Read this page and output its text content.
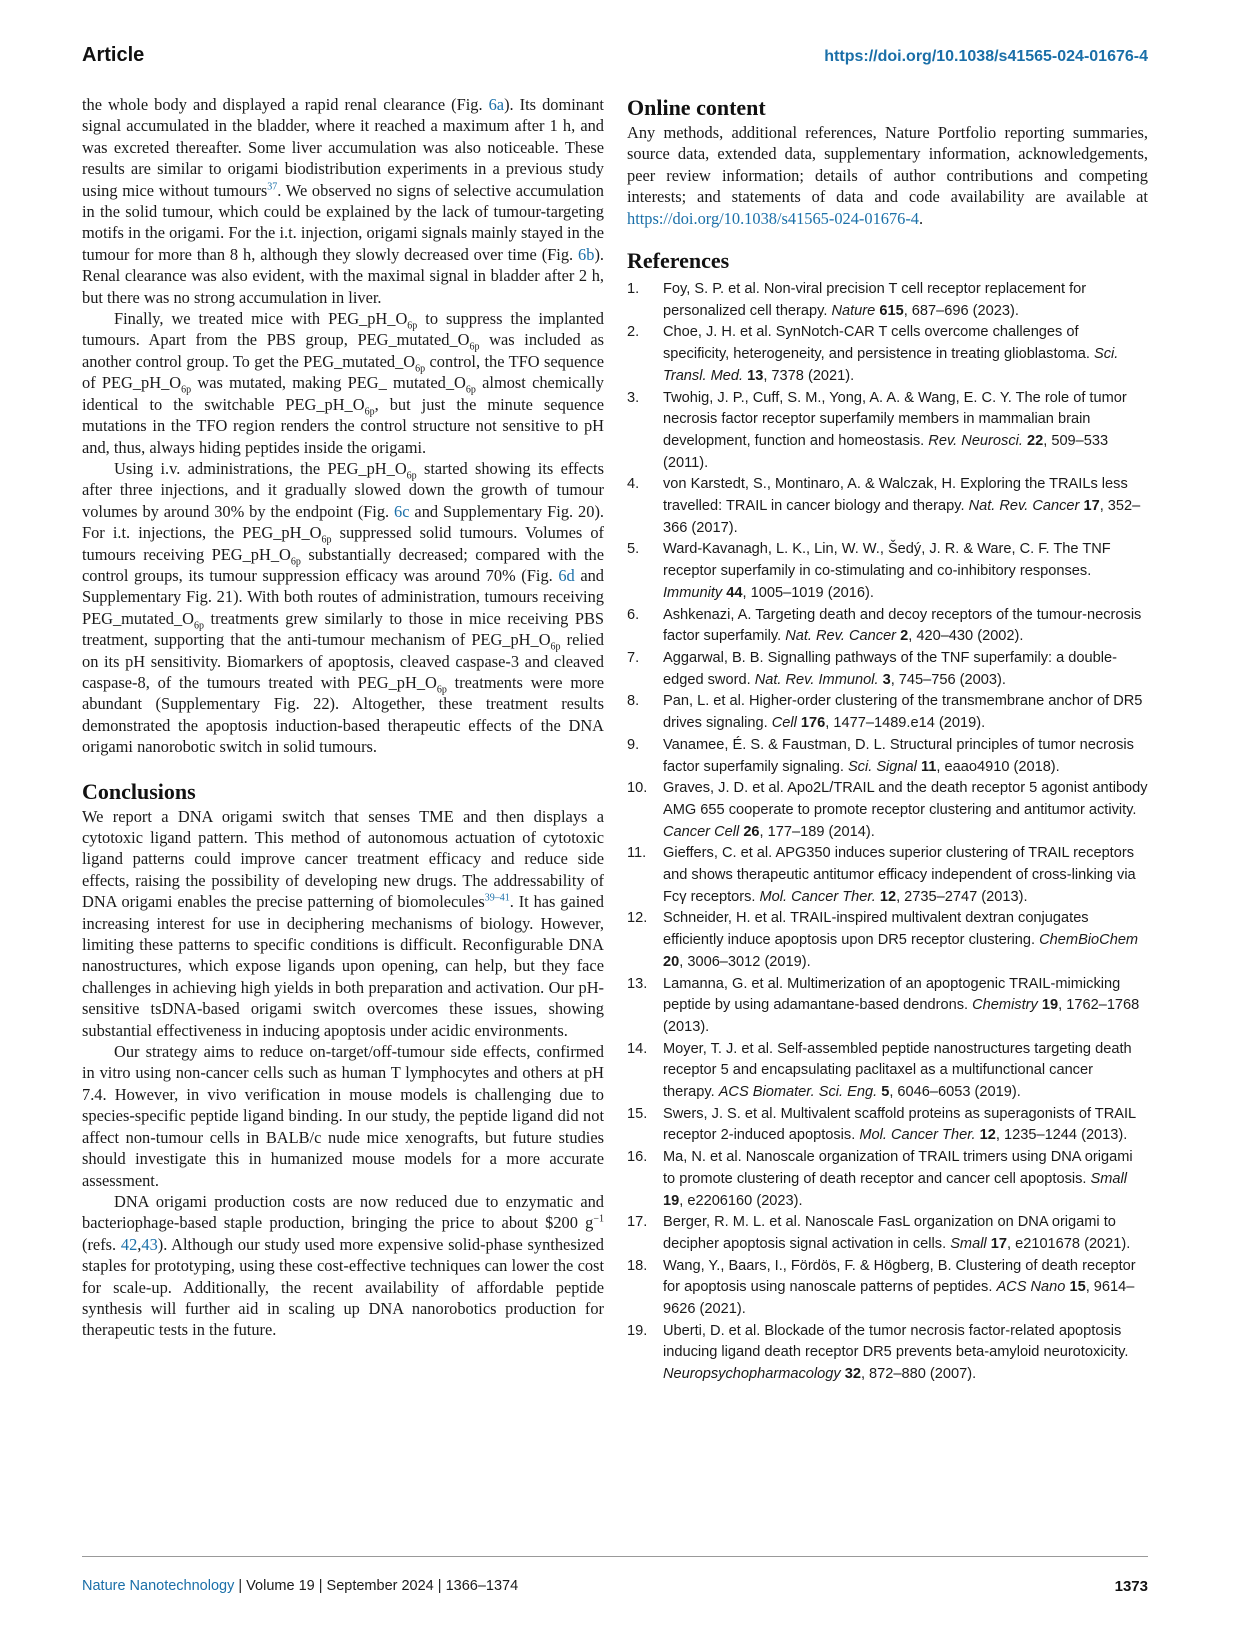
Article	https://doi.org/10.1038/s41565-024-01676-4

the whole body and displayed a rapid renal clearance (Fig. 6a). Its dominant signal accumulated in the bladder, where it reached a maximum after 1 h, and was excreted thereafter. Some liver accumulation was also noticeable. These results are similar to origami biodistribution experiments in a previous study using mice without tumours$^{37}$. We observed no signs of selective accumulation in the solid tumour, which could be explained by the lack of tumour-targeting motifs in the origami. For the i.t. injection, origami signals mainly stayed in the tumour for more than 8 h, although they slowly decreased over time (Fig. 6b). Renal clearance was also evident, with the maximal signal in bladder after 2 h, but there was no strong accumulation in liver.

Finally, we treated mice with $PEG\_pH\_O_{6p}$ to suppress the implanted tumours. Apart from the PBS group, $PEG\_mutated\_O_{6p}$ was included as another control group. To get the $PEG\_mutated\_O_{6p}$ control, the TFO sequence of $PEG\_pH\_O_{6p}$ was mutated, making PEG_ $mutated\_O_{6p}$ almost chemically identical to the switchable $PEG\_pH\_O_{6p}$, but just the minute sequence mutations in the TFO region renders the control structure not sensitive to pH and, thus, always hiding peptides inside the origami.

Using i.v. administrations, the $PEG\_pH\_O_{6p}$ started showing its effects after three injections, and it gradually slowed down the growth of tumour volumes by around 30% by the endpoint (Fig. 6c and Supplementary Fig. 20). For i.t. injections, the $PEG\_pH\_O_{6p}$ suppressed solid tumours. Volumes of tumours receiving $PEG\_pH\_O_{6p}$ substantially decreased; compared with the control groups, its tumour suppression efficacy was around 70% (Fig. 6d and Supplementary Fig. 21). With both routes of administration, tumours receiving $PEG\_mutated\_O_{6p}$ treatments grew similarly to those in mice receiving PBS treatment, supporting that the anti-tumour mechanism of $PEG\_pH\_O_{6p}$ relied on its pH sensitivity. Biomarkers of apoptosis, cleaved caspase-3 and cleaved caspase-8, of the tumours treated with $PEG\_pH\_O_{6p}$ treatments were more abundant (Supplementary Fig. 22). Altogether, these treatment results demonstrated the apoptosis induction-based therapeutic effects of the DNA origami nanorobotic switch in solid tumours.

Conclusions

We report a DNA origami switch that senses TME and then displays a cytotoxic ligand pattern. This method of autonomous actuation of cytotoxic ligand patterns could improve cancer treatment efficacy and reduce side effects, raising the possibility of developing new drugs. The addressability of DNA origami enables the precise patterning of biomolecules$^{39-41}$. It has gained increasing interest for use in deciphering mechanisms of biology. However, limiting these patterns to specific conditions is difficult. Reconfigurable DNA nanostructures, which expose ligands upon opening, can help, but they face challenges in achieving high yields in both preparation and activation. Our pH-sensitive tsDNA-based origami switch overcomes these issues, showing substantial effectiveness in inducing apoptosis under acidic environments.

Our strategy aims to reduce on-target/off-tumour side effects, confirmed in vitro using non-cancer cells such as human T lymphocytes and others at pH 7.4. However, in vivo verification in mouse models is challenging due to species-specific peptide ligand binding. In our study, the peptide ligand did not affect non-tumour cells in BALB/c nude mice xenografts, but future studies should investigate this in humanized mouse models for a more accurate assessment.

DNA origami production costs are now reduced due to enzymatic and bacteriophage-based staple production, bringing the price to about $200 $g^{-1}$ (refs. 42,43). Although our study used more expensive solid-phase synthesized staples for prototyping, using these cost-effective techniques can lower the cost for scale-up. Additionally, the recent availability of affordable peptide synthesis will further aid in scaling up DNA nanorobotics production for therapeutic tests in the future.

Online content

Any methods, additional references, Nature Portfolio reporting summaries, source data, extended data, supplementary information, acknowledgements, peer review information; details of author contributions and competing interests; and statements of data and code availability are available at https://doi.org/10.1038/s41565-024-01676-4.

References
1. Foy, S. P. et al. Non-viral precision T cell receptor replacement for personalized cell therapy. Nature 615, 687–696 (2023).
2. Choe, J. H. et al. SynNotch-CAR T cells overcome challenges of specificity, heterogeneity, and persistence in treating glioblastoma. Sci. Transl. Med. 13, 7378 (2021).
3. Twohig, J. P., Cuff, S. M., Yong, A. A. & Wang, E. C. Y. The role of tumor necrosis factor receptor superfamily members in mammalian brain development, function and homeostasis. Rev. Neurosci. 22, 509–533 (2011).
4. von Karstedt, S., Montinaro, A. & Walczak, H. Exploring the TRAILs less travelled: TRAIL in cancer biology and therapy. Nat. Rev. Cancer 17, 352–366 (2017).
5. Ward-Kavanagh, L. K., Lin, W. W., Šedý, J. R. & Ware, C. F. The TNF receptor superfamily in co-stimulating and co-inhibitory responses. Immunity 44, 1005–1019 (2016).
6. Ashkenazi, A. Targeting death and decoy receptors of the tumour-necrosis factor superfamily. Nat. Rev. Cancer 2, 420–430 (2002).
7. Aggarwal, B. B. Signalling pathways of the TNF superfamily: a double-edged sword. Nat. Rev. Immunol. 3, 745–756 (2003).
8. Pan, L. et al. Higher-order clustering of the transmembrane anchor of DR5 drives signaling. Cell 176, 1477–1489.e14 (2019).
9. Vanamee, É. S. & Faustman, D. L. Structural principles of tumor necrosis factor superfamily signaling. Sci. Signal 11, eaao4910 (2018).
10. Graves, J. D. et al. Apo2L/TRAIL and the death receptor 5 agonist antibody AMG 655 cooperate to promote receptor clustering and antitumor activity. Cancer Cell 26, 177–189 (2014).
11. Gieffers, C. et al. APG350 induces superior clustering of TRAIL receptors and shows therapeutic antitumor efficacy independent of cross-linking via Fcγ receptors. Mol. Cancer Ther. 12, 2735–2747 (2013).
12. Schneider, H. et al. TRAIL-inspired multivalent dextran conjugates efficiently induce apoptosis upon DR5 receptor clustering. ChemBioChem 20, 3006–3012 (2019).
13. Lamanna, G. et al. Multimerization of an apoptogenic TRAIL-mimicking peptide by using adamantane-based dendrons. Chemistry 19, 1762–1768 (2013).
14. Moyer, T. J. et al. Self-assembled peptide nanostructures targeting death receptor 5 and encapsulating paclitaxel as a multifunctional cancer therapy. ACS Biomater. Sci. Eng. 5, 6046–6053 (2019).
15. Swers, J. S. et al. Multivalent scaffold proteins as superagonists of TRAIL receptor 2-induced apoptosis. Mol. Cancer Ther. 12, 1235–1244 (2013).
16. Ma, N. et al. Nanoscale organization of TRAIL trimers using DNA origami to promote clustering of death receptor and cancer cell apoptosis. Small 19, e2206160 (2023).
17. Berger, R. M. L. et al. Nanoscale FasL organization on DNA origami to decipher apoptosis signal activation in cells. Small 17, e2101678 (2021).
18. Wang, Y., Baars, I., Fördös, F. & Högberg, B. Clustering of death receptor for apoptosis using nanoscale patterns of peptides. ACS Nano 15, 9614–9626 (2021).
19. Uberti, D. et al. Blockade of the tumor necrosis factor-related apoptosis inducing ligand death receptor DR5 prevents beta-amyloid neurotoxicity. Neuropsychopharmacology 32, 872–880 (2007).
Nature Nanotechnology | Volume 19 | September 2024 | 1366–1374	1373
